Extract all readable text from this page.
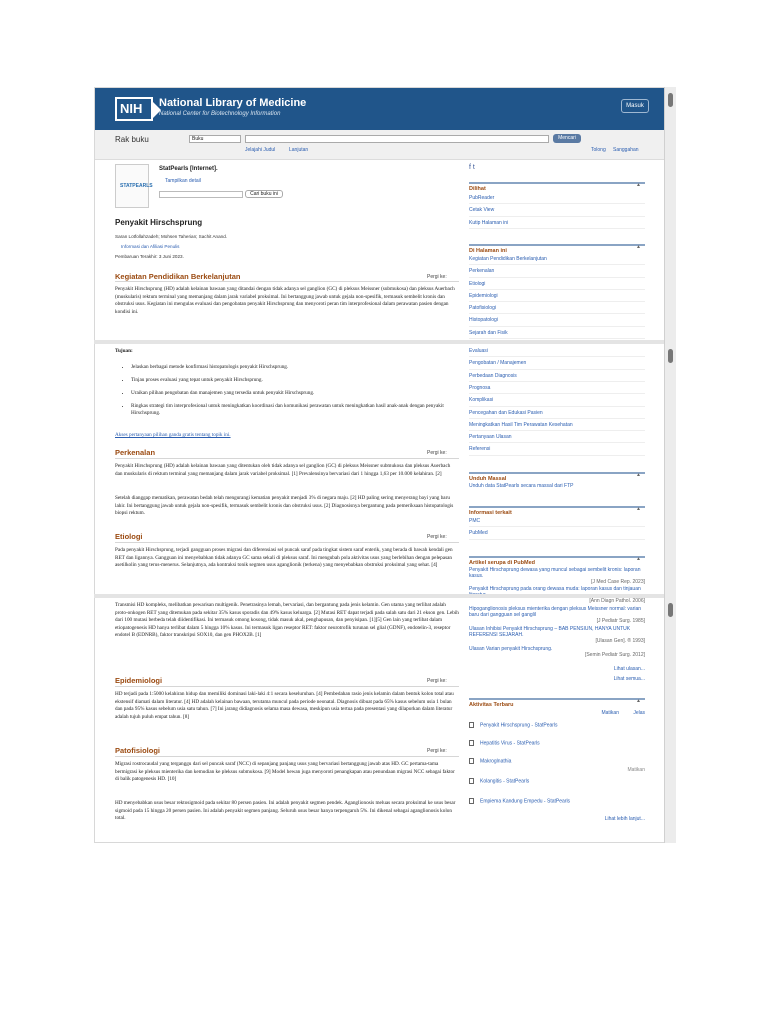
NIH	National Library of Medicine
National Center for Biotechnology Information
Masuk
Rak buku	Buku	Mencari
Jelajahi Judul	Lanjutan	Tolong Sanggahan
STATPEARLS
StatPearls [Internet].
Tampilkan detail
Cari buku ini
Penyakit Hirschsprung
Saran Lotfollahzadeh; Mohsen Taherian; Sachit Anand.
Informasi dan Afiliasi Penulis
Pembaruan Terakhir: 3 Juni 2023.
Kegiatan Pendidikan Berkelanjutan	Pergi ke:
Penyakit Hirschsprung (HD) adalah kelainan bawaan yang ditandai dengan tidak adanya sel ganglion (GC) di pleksus Meissner (submukosa) dan pleksus Auerbach (muskularis) rektum terminal yang memanjang dalam jarak variabel proksimal. Ini bertanggung jawab untuk gejala non-spesifik, termasuk sembelit kronis dan obstruksi usus. Kegiatan ini mengulas evaluasi dan pengobatan penyakit Hirschsprung dan menyoroti peran tim interprofesional dalam perawatan pasien dengan kondisi ini.
Tujuan:
• Jelaskan berbagai metode konfirmasi histopatologis penyakit Hirschsprung.
• Tinjau proses evaluasi yang tepat untuk penyakit Hirschsprung.
• Uraikan pilihan pengobatan dan manajemen yang tersedia untuk penyakit Hirschsprung.
• Ringkas strategi tim interprofesional untuk meningkatkan koordinasi dan komunikasi perawatan untuk meningkatkan hasil anak-anak dengan penyakit Hirschsprung.
Akses pertanyaan pilihan ganda gratis tentang topik ini.
Perkenalan	Pergi ke:
Penyakit Hirschsprung (HD) adalah kelainan bawaan yang ditentukan oleh tidak adanya sel ganglion (GC) di pleksus Meissner submukosa dan pleksus Auerbach dan muskularis di rektum terminal yang memanjang dalam jarak variabel proksimal. [1] Prevalensinya bervariasi dari 1 hingga 1,63 per 10.000 kelahiran. [2]
Setelah dianggap mematikan, perawatan bedah telah mengurangi kematian penyakit menjadi 3% di negara maju. [2] HD paling sering menyerang bayi yang baru lahir. Ini bertanggung jawab untuk gejala non-spesifik, termasuk sembelit kronis dan obstruksi usus. [2] Diagnosisnya bergantung pada pemeriksaan histopatologis biopsi rektum.
Etiologi	Pergi ke:
Pada penyakit Hirschsprung, terjadi gangguan proses migrasi dan diferensiasi sel puncak saraf pada tingkat sistem saraf enterik, yang berada di bawah kendali gen RET dan ligannya. Gangguan ini menyebabkan tidak adanya GC sama sekali di pleksus saraf. Ini mengubah pola aktivitas usus yang berlebihan dengan pelepasan asetilkolin yang terus-menerus. Selanjutnya, ada kontraksi tonik segmen usus aganglionik (terkena) yang menyebabkan obstruksi proksimal yang sehat. [4]
Transmisi HD kompleks, melibatkan pewarisan multigenik. Penetrasinya lemah, bervariasi, dan bergantung pada jenis kelamin. Gen utama yang terlibat adalah proto-onkogen RET yang ditemukan pada sekitar 35% kasus sporadis dan 49% kasus keluarga. [2] Mutasi RET dapat terjadi pada salah satu dari 21 ekson gen. Lebih dari 100 mutasi berbeda telah diidentifikasi. Ini termasuk omong kosong, tidak masuk akal, penghapusan, dan penyisipan. [1][5] Gen lain yang terlibat dalam etiopatogenesis HD hanya terlibat dalam 5 hingga 10% kasus. Ini termasuk ligan reseptor RET: faktor neurotrofik turunan sel glial (GDNF), endotelin-3, reseptor endotel B (EDNRB), faktor transkripsi SOX10, dan gen PHOX2B. [1]
Epidemiologi	Pergi ke:
HD terjadi pada 1:5000 kelahiran hidup dan memiliki dominasi laki-laki 4:1 secara keseluruhan. [4] Pembedahan rasio jenis kelamin dalam bentuk kolon total atau ekstensif diamati dalam literatur. [4] HD adalah kelainan bawaan, terutama muncul pada periode neonatal. Diagnosis dibuat pada 65% kasus sebelum usia 1 bulan dan pada 95% kasus sebelum usia satu tahun. [7] Ini jarang didiagnosis selama masa dewasa, meskipun usia tertua pada presentasi yang dilaporkan dalam literatur adalah tujuh puluh empat tahun. [8]
Patofisiologi	Pergi ke:
Migrasi rostrocaudal yang terganggu dari sel puncak saraf (NCC) di sepanjang panjang usus yang bervariasi bertanggung jawab atas HD. GC pertama-tama bermigrasi ke pleksus mienterika dan kemudian ke pleksus submukosa. [9] Model hewan juga menyoroti penangkapan atau penundaan migrasi NCC sebagai faktor di balik patogenesis HD. [10]
HD menyebabkan usus besar rektosigmoid pada sekitar 80 persen pasien. Ini adalah penyakit segmen pendek. Aganglionosis meluas secara proksimal ke usus besar sigmoid pada 15 hingga 20 persen pasien. Ini adalah penyakit segmen panjang. Seluruh usus besar hanya terpengaruh 5%. Ini dikenal sebagai aganglionosis kolon total.
f t
Dilihat
▲
PubReader
Cetak View
Kutip Halaman ini
Di Halaman ini
▲
Kegiatan Pendidikan Berkelanjutan
Perkenalan
Etiologi
Epidemiologi
Patofisiologi
Histopatologi
Sejarah dan Fisik
Evaluasi
Pengobatan / Manajemen
Perbedaan Diagnosis
Prognosa
Komplikasi
Pencegahan dan Edukasi Pasien
Meningkatkan Hasil Tim Perawatan Kesehatan
Pertanyaan Ulasan
Referensi
Unduh Massal
▲
Unduh data StatPearls secara massal dari FTP
Informasi terkait
▲
PMC
PubMed
Artikel serupa di PubMed
▲
Penyakit Hirschsprung dewasa yang muncul sebagai sembelit kronis: laporan kasus.

[J Med Case Rep. 2023]
Penyakit Hirschsprung pada orang dewasa muda: laporan kasus dan tinjauan

[Ann Diagn Pathol. 2006]
Hipoganglionosis pleksus mienterika dengan pleksus Meissner normal: varian baru dari gangguan sel ganglil

[J Pediatr Surg. 1985]
Ulasan Inhibisi Penyakit Hirschsprung – BAB PENSIUN, HANYA UNTUK REFERENSI SEJARAH.

[Ulasan Gen]. ® 1993]
Ulasan Varian penyakit Hirschsprung.

[Semin Pediatr Surg. 2012]
Lihat ulasan...
Lihat semua...
Aktivitas Terbaru
▲
Matikan	Jelas
Penyakit Hirschsprung - StatPearls
Hepatitis Virus - StatPearls
Makroglnathia
Matikan
Kolangitis - StatPearls
Empiema Kandung Empedu - StatPearls
Lihat lebih lanjut...
